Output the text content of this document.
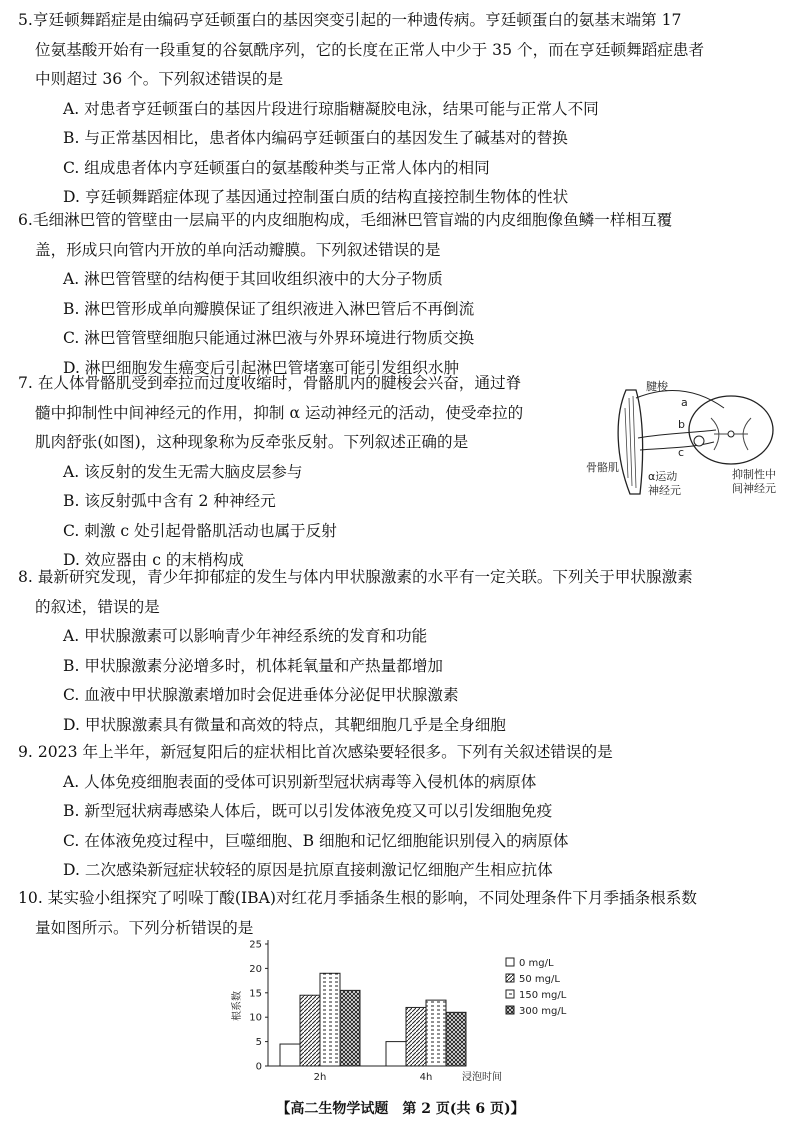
5.亨廷顿舞蹈症是由编码亨廷顿蛋白的基因突变引起的一种遗传病。亨廷顿蛋白的氨基末端第 17
位氨基酸开始有一段重复的谷氨酰序列，它的长度在正常人中少于 35 个，而在亨廷顿舞蹈症患者
中则超过 36 个。下列叙述错误的是
A. 对患者亨廷顿蛋白的基因片段进行琼脂糖凝胶电泳，结果可能与正常人不同
B. 与正常基因相比，患者体内编码亨廷顿蛋白的基因发生了碱基对的替换
C. 组成患者体内亨廷顿蛋白的氨基酸种类与正常人体内的相同
D. 亨廷顿舞蹈症体现了基因通过控制蛋白质的结构直接控制生物体的性状
6.毛细淋巴管的管壁由一层扁平的内皮细胞构成，毛细淋巴管盲端的内皮细胞像鱼鳞一样相互覆
盖，形成只向管内开放的单向活动瓣膜。下列叙述错误的是
A. 淋巴管管壁的结构便于其回收组织液中的大分子物质
B. 淋巴管形成单向瓣膜保证了组织液进入淋巴管后不再倒流
C. 淋巴管管壁细胞只能通过淋巴液与外界环境进行物质交换
D. 淋巴细胞发生癌变后引起淋巴管堵塞可能引发组织水肿
7. 在人体骨骼肌受到牵拉而过度收缩时，骨骼肌内的腱梭会兴奋，通过脊
髓中抑制性中间神经元的作用，抑制 α 运动神经元的活动，使受牵拉的
肌肉舒张(如图)，这种现象称为反牵张反射。下列叙述正确的是
A. 该反射的发生无需大脑皮层参与
B. 该反射弧中含有 2 种神经元
C. 刺激 c 处引起骨骼肌活动也属于反射
D. 效应器由 c 的末梢构成
腱梭
a
b
c
骨骼肌
α运动
神经元
抑制性中
间神经元
8. 最新研究发现，青少年抑郁症的发生与体内甲状腺激素的水平有一定关联。下列关于甲状腺激素
的叙述，错误的是
A. 甲状腺激素可以影响青少年神经系统的发育和功能
B. 甲状腺激素分泌增多时，机体耗氧量和产热量都增加
C. 血液中甲状腺激素增加时会促进垂体分泌促甲状腺激素
D. 甲状腺激素具有微量和高效的特点，其靶细胞几乎是全身细胞
9. 2023 年上半年，新冠复阳后的症状相比首次感染要轻很多。下列有关叙述错误的是
A. 人体免疫细胞表面的受体可识别新型冠状病毒等入侵机体的病原体
B. 新型冠状病毒感染人体后，既可以引发体液免疫又可以引发细胞免疫
C. 在体液免疫过程中，巨噬细胞、B 细胞和记忆细胞能识别侵入的病原体
D. 二次感染新冠症状较轻的原因是抗原直接刺激记忆细胞产生相应抗体
10. 某实验小组探究了吲哚丁酸(IBA)对红花月季插条生根的影响，不同处理条件下月季插条根系数
量如图所示。下列分析错误的是
0
5
10
15
20
25
根系数
浸泡时间
2h	4h
0 mg/L
50 mg/L
150 mg/L
300 mg/L
【高二生物学试题　第 2 页(共 6 页)】
